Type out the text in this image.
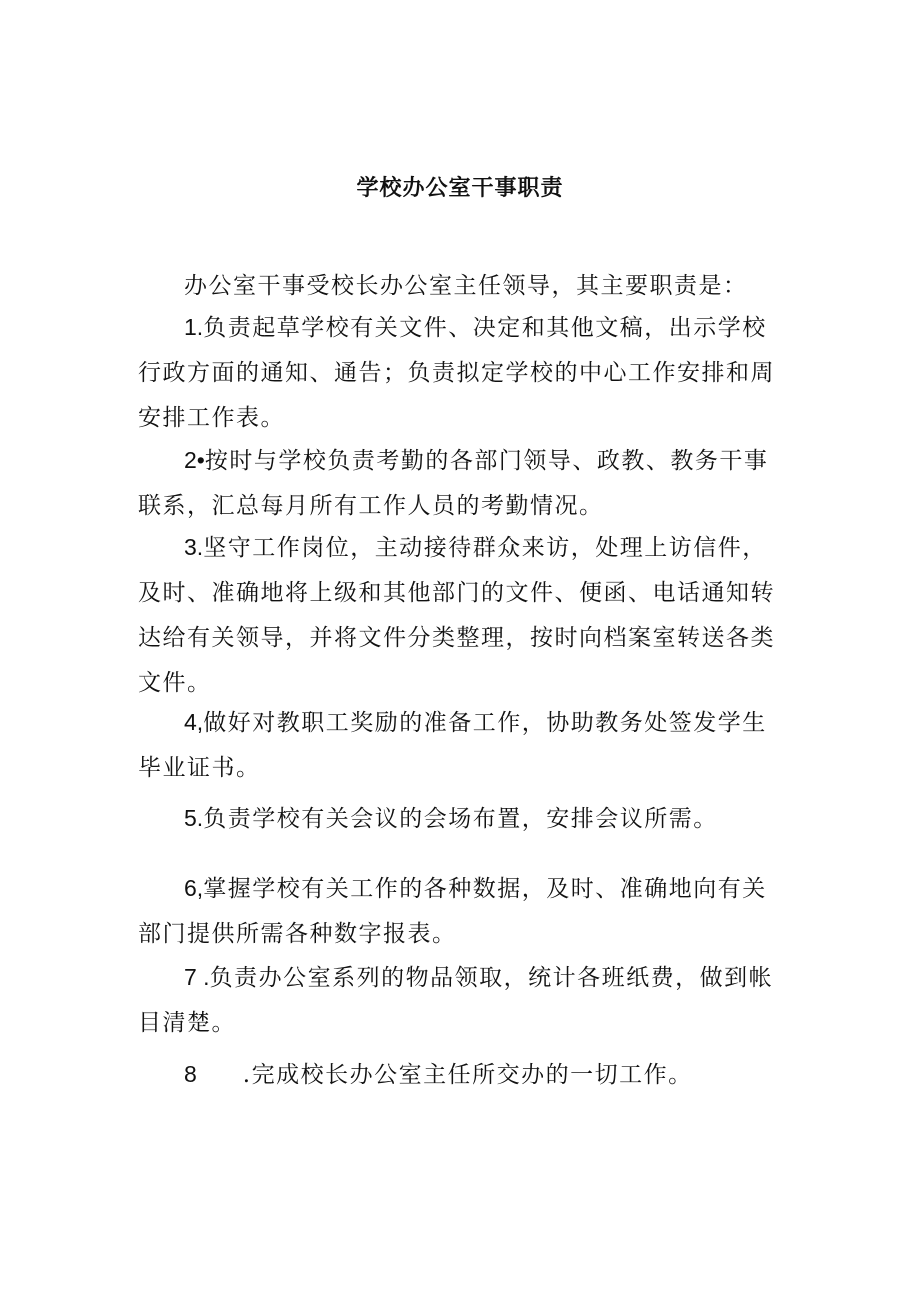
学校办公室干事职责

办公室干事受校长办公室主任领导，其主要职责是：

1.负责起草学校有关文件、决定和其他文稿，出示学校行政方面的通知、通告；负责拟定学校的中心工作安排和周安排工作表。

2•按时与学校负责考勤的各部门领导、政教、教务干事联系，汇总每月所有工作人员的考勤情况。

3.坚守工作岗位，主动接待群众来访，处理上访信件，及时、准确地将上级和其他部门的文件、便函、电话通知转达给有关领导，并将文件分类整理，按时向档案室转送各类文件。

4,做好对教职工奖励的准备工作，协助教务处签发学生毕业证书。

5.负责学校有关会议的会场布置，安排会议所需。

6,掌握学校有关工作的各种数据，及时、准确地向有关部门提供所需各种数字报表。

7 .负责办公室系列的物品领取，统计各班纸费，做到帐目清楚。

8 .完成校长办公室主任所交办的一切工作。
